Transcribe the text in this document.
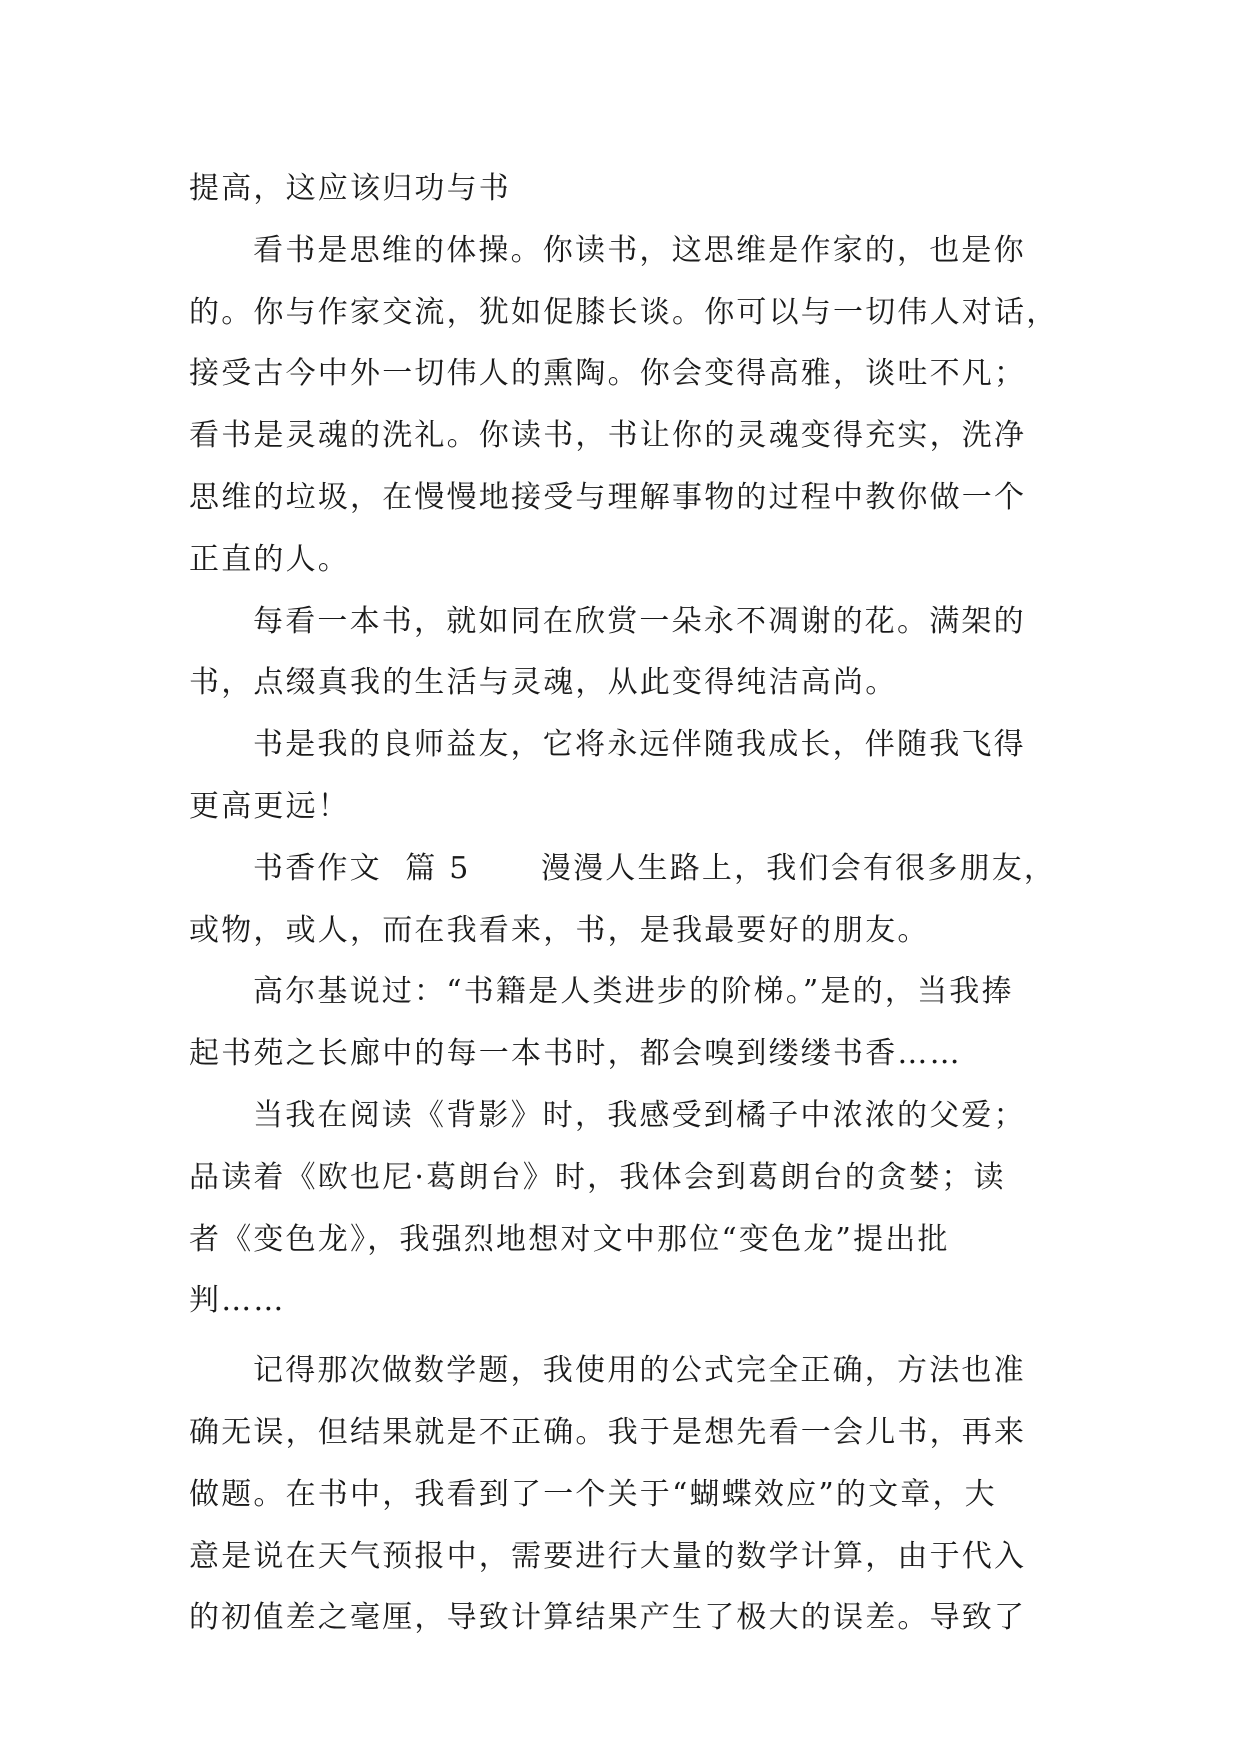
提高，这应该归功与书
看书是思维的体操。你读书，这思维是作家的，也是你
的。你与作家交流，犹如促膝长谈。你可以与一切伟人对话，
接受古今中外一切伟人的熏陶。你会变得高雅，谈吐不凡；
看书是灵魂的洗礼。你读书，书让你的灵魂变得充实，洗净
思维的垃圾，在慢慢地接受与理解事物的过程中教你做一个
正直的人。
每看一本书，就如同在欣赏一朵永不凋谢的花。满架的
书，点缀真我的生活与灵魂，从此变得纯洁高尚。
书是我的良师益友，它将永远伴随我成长，伴随我飞得
更高更远！
书香作文  篇 5      漫漫人生路上，我们会有很多朋友，
或物，或人，而在我看来，书，是我最要好的朋友。
高尔基说过：“书籍是人类进步的阶梯。”是的，当我捧
起书苑之长廊中的每一本书时，都会嗅到缕缕书香……
当我在阅读《背影》时，我感受到橘子中浓浓的父爱；
品读着《欧也尼·葛朗台》时，我体会到葛朗台的贪婪；读
者《变色龙》，我强烈地想对文中那位“变色龙”提出批
判……
记得那次做数学题，我使用的公式完全正确，方法也准
确无误，但结果就是不正确。我于是想先看一会儿书，再来
做题。在书中，我看到了一个关于“蝴蝶效应”的文章，大
意是说在天气预报中，需要进行大量的数学计算，由于代入
的初值差之毫厘，导致计算结果产生了极大的误差。导致了
